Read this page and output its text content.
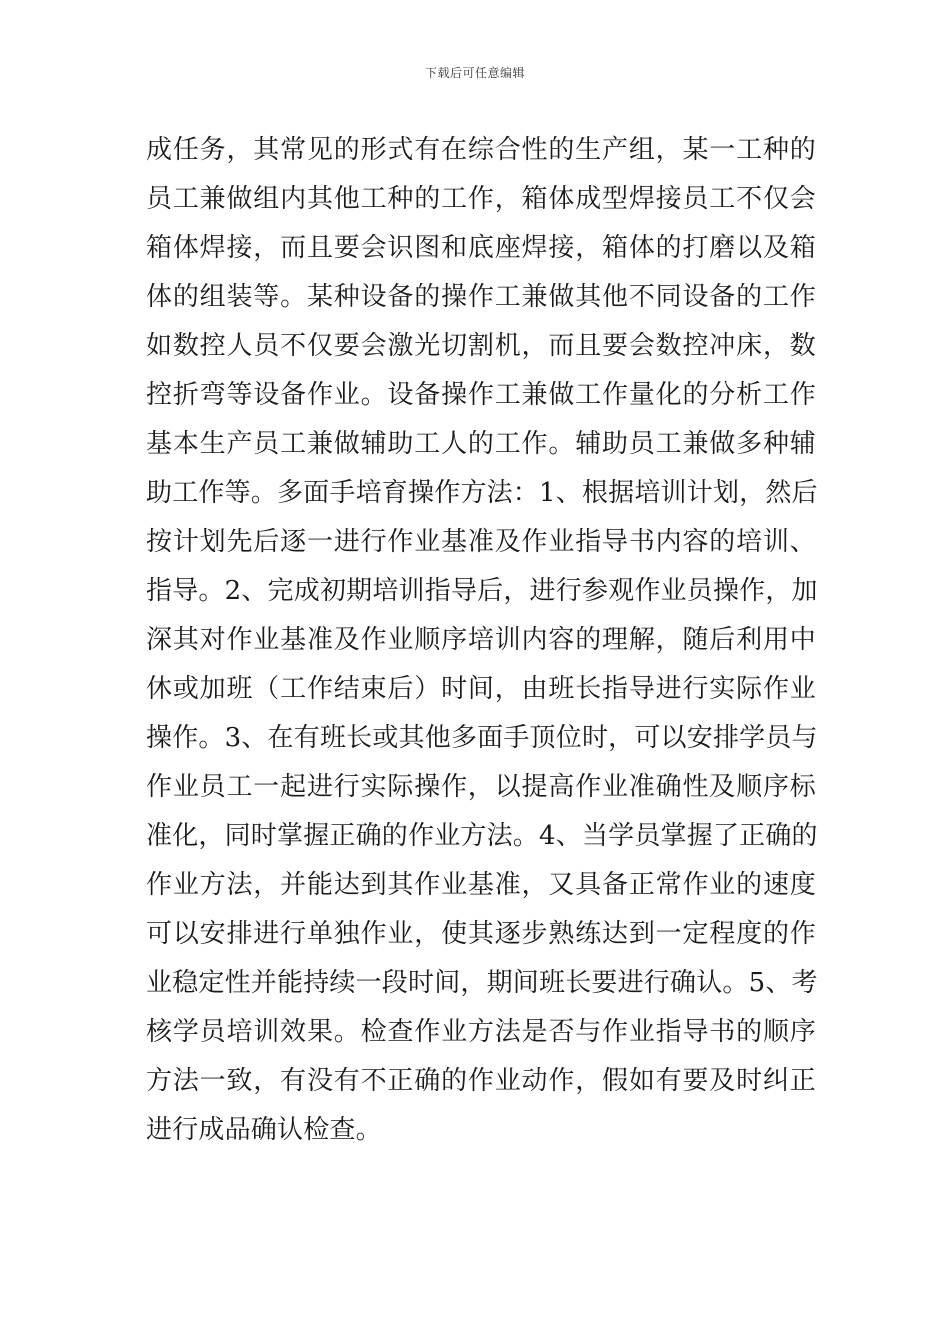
下载后可任意编辑
成任务，其常见的形式有在综合性的生产组，某一工种的
员工兼做组内其他工种的工作，箱体成型焊接员工不仅会
箱体焊接，而且要会识图和底座焊接，箱体的打磨以及箱
体的组装等。某种设备的操作工兼做其他不同设备的工作
如数控人员不仅要会激光切割机，而且要会数控冲床，数
控折弯等设备作业。设备操作工兼做工作量化的分析工作
基本生产员工兼做辅助工人的工作。辅助员工兼做多种辅
助工作等。多面手培育操作方法：1、根据培训计划，然后
按计划先后逐一进行作业基准及作业指导书内容的培训、
指导。2、完成初期培训指导后，进行参观作业员操作，加
深其对作业基准及作业顺序培训内容的理解，随后利用中
休或加班（工作结束后）时间，由班长指导进行实际作业
操作。3、在有班长或其他多面手顶位时，可以安排学员与
作业员工一起进行实际操作，以提高作业准确性及顺序标
准化，同时掌握正确的作业方法。4、当学员掌握了正确的
作业方法，并能达到其作业基准，又具备正常作业的速度
可以安排进行单独作业，使其逐步熟练达到一定程度的作
业稳定性并能持续一段时间，期间班长要进行确认。5、考
核学员培训效果。检查作业方法是否与作业指导书的顺序
方法一致，有没有不正确的作业动作，假如有要及时纠正
进行成品确认检查。
